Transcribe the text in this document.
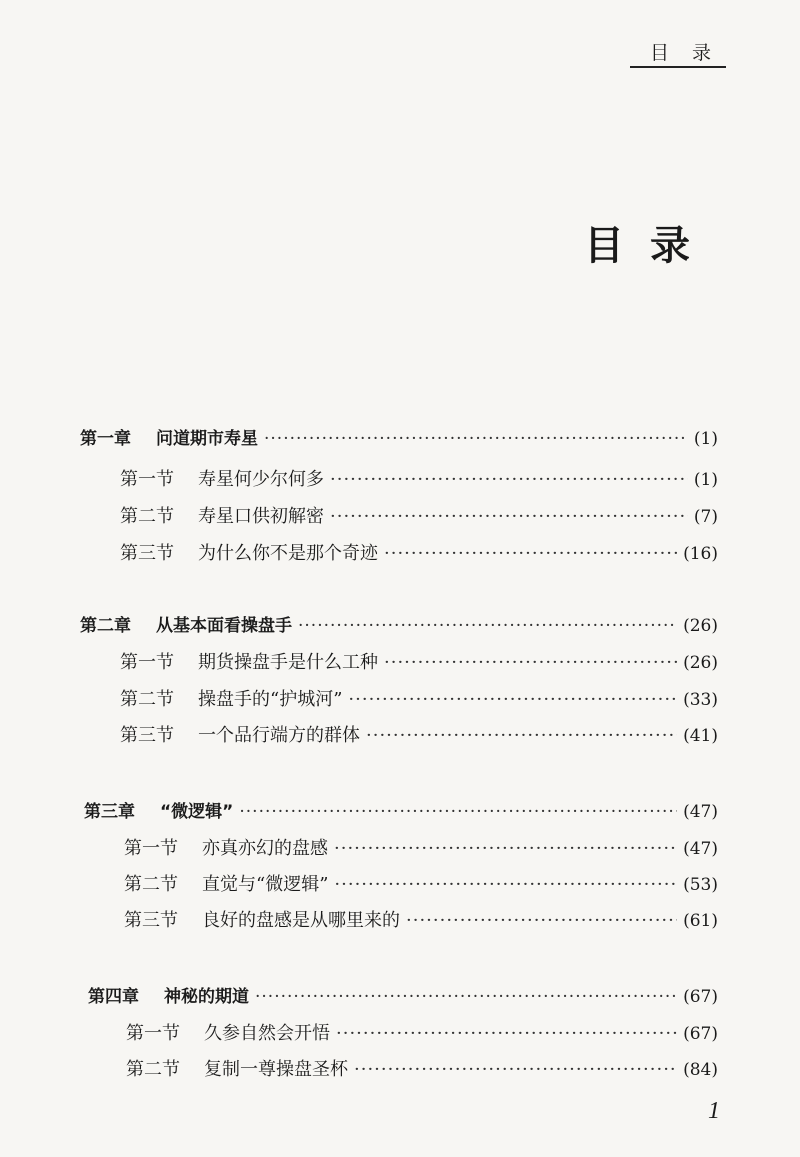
目　录
目录
第一章	问道期市寿星 ·····	(1)
第一节	寿星何少尔何多 ·····	(1)
第二节	寿星口供初解密 ·····	(7)
第三节	为什么你不是那个奇迹 ·····	(16)
第二章	从基本面看操盘手 ·····	(26)
第一节	期货操盘手是什么工种 ·····	(26)
第二节	操盘手的“护城河” ·····	(33)
第三节	一个品行端方的群体 ·····	(41)
第三章	“微逻辑” ·····	(47)
第一节	亦真亦幻的盘感 ·····	(47)
第二节	直觉与“微逻辑” ·····	(53)
第三节	良好的盘感是从哪里来的 ·····	(61)
第四章	神秘的期道 ·····	(67)
第一节	久参自然会开悟 ·····	(67)
第二节	复制一尊操盘圣杯 ·····	(84)
1
